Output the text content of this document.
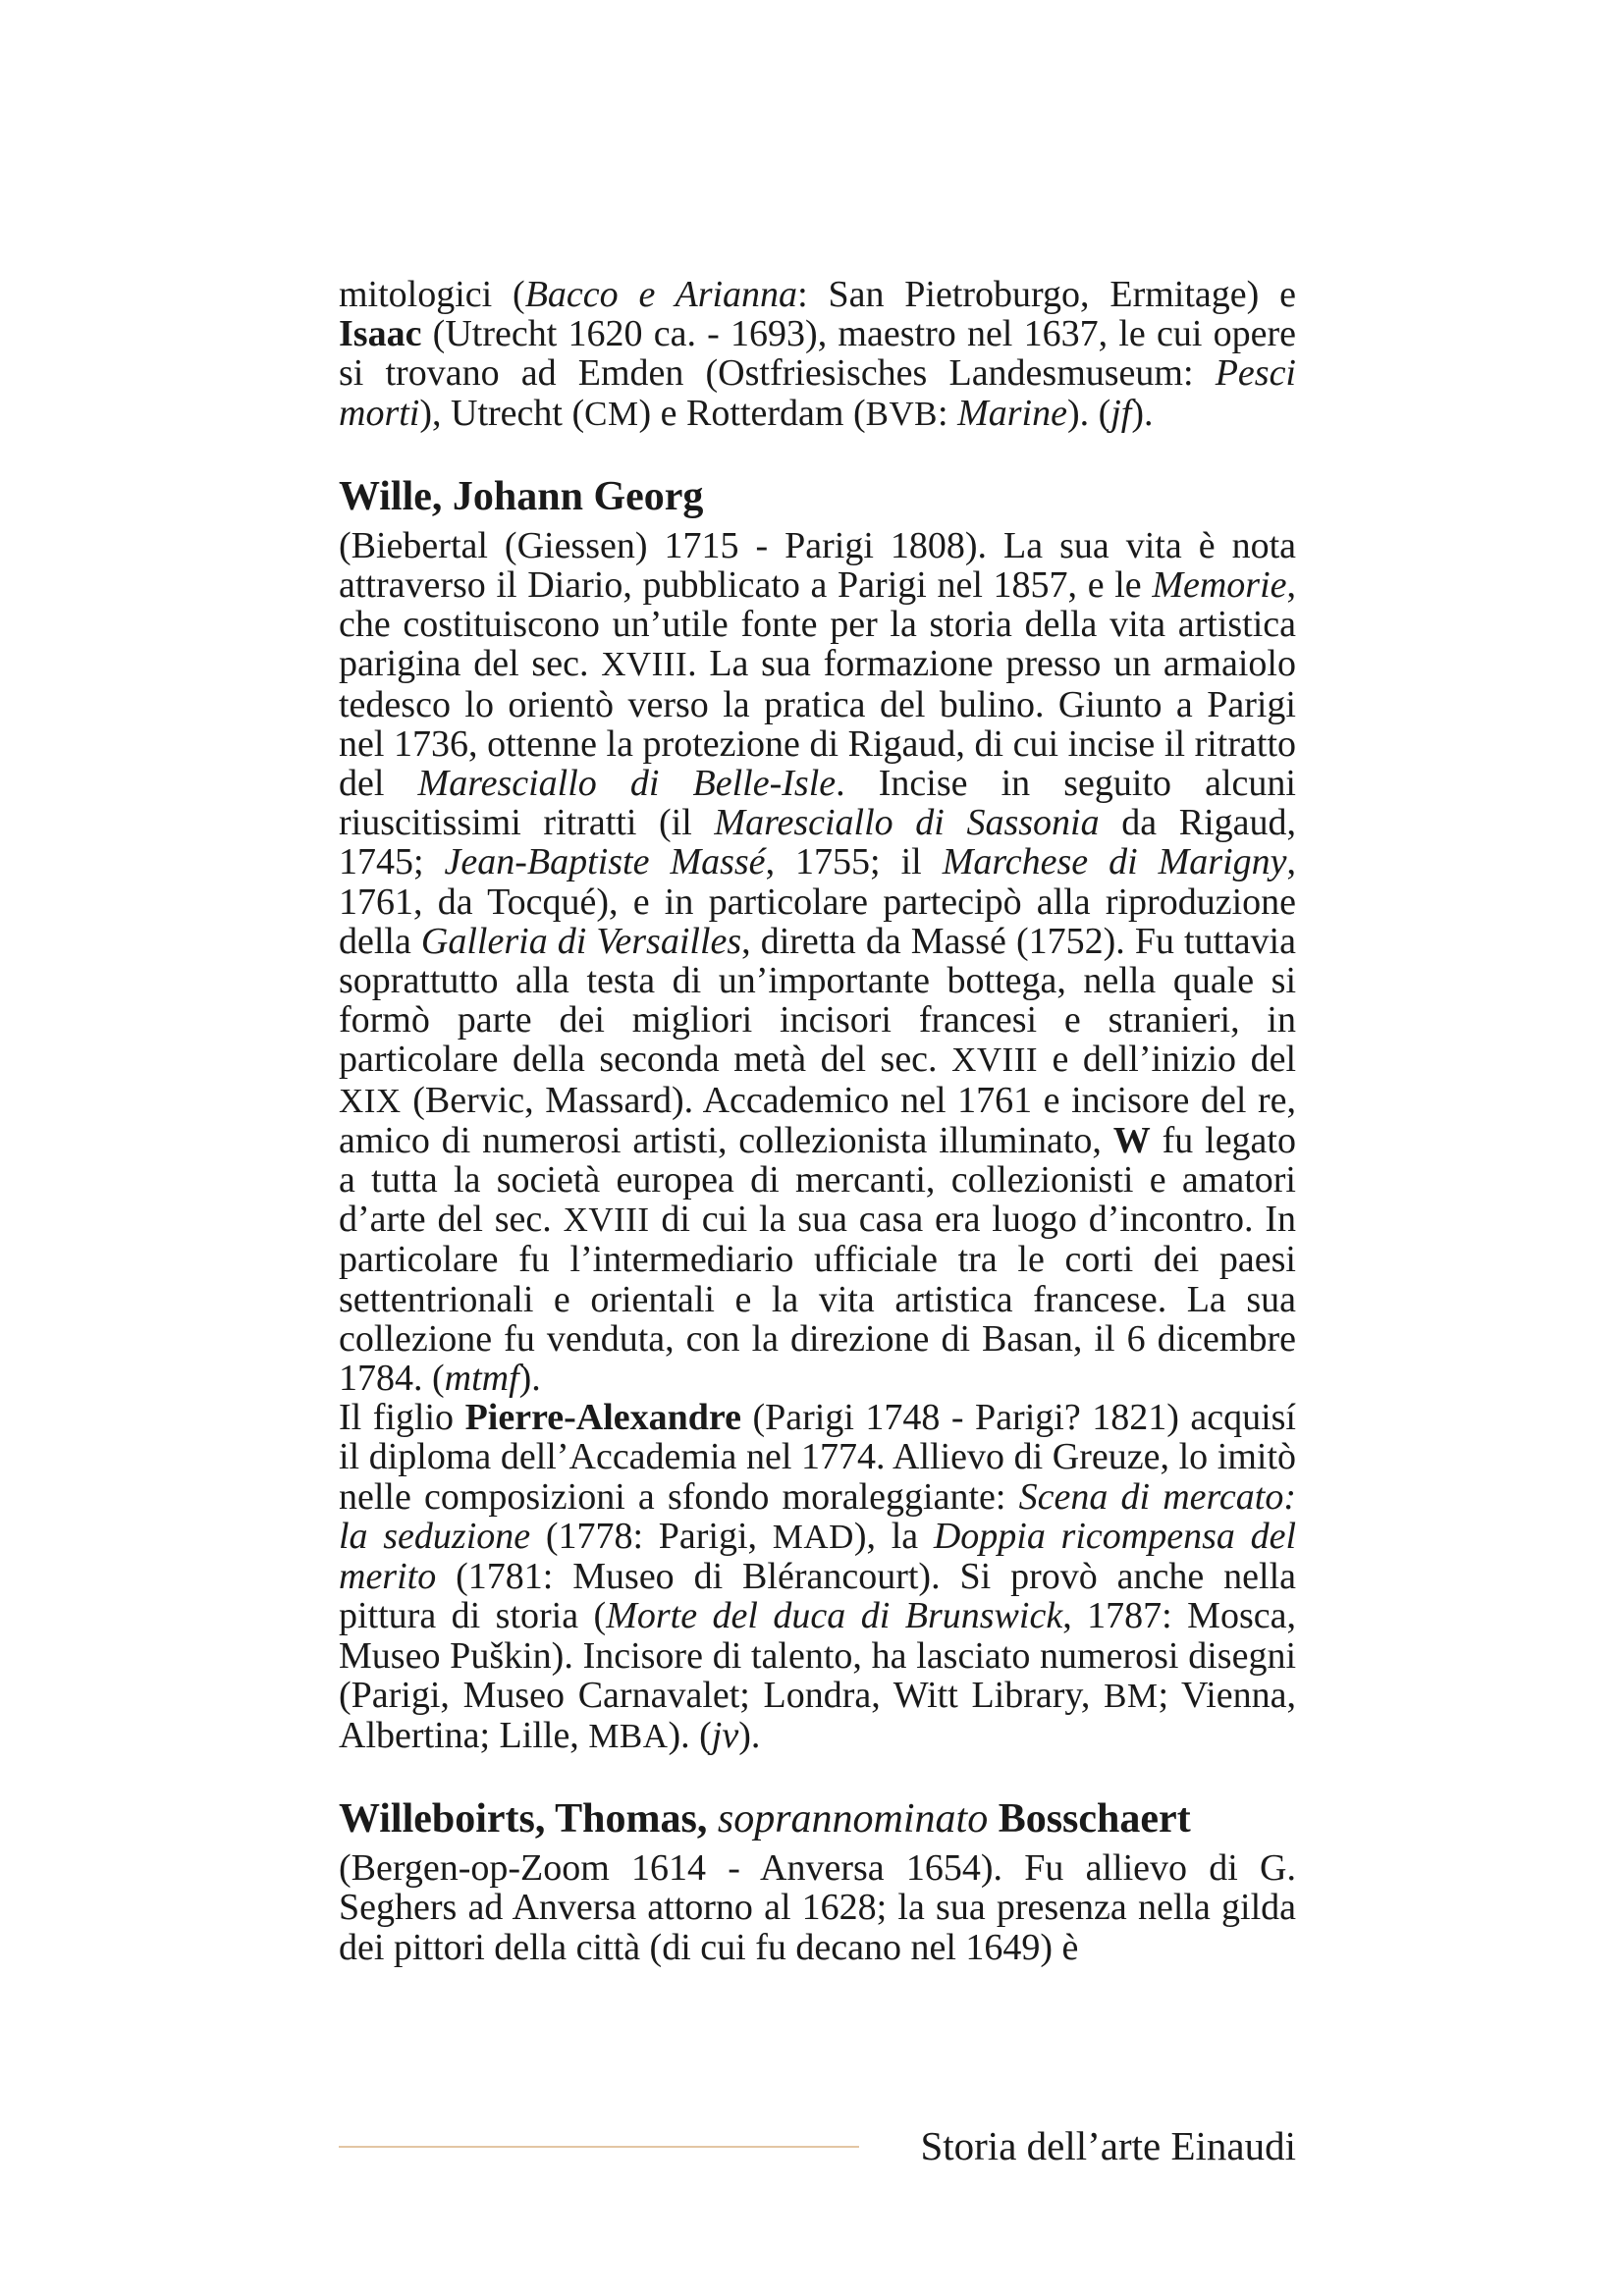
mitologici (Bacco e Arianna: San Pietroburgo, Ermitage) e Isaac (Utrecht 1620 ca. - 1693), maestro nel 1637, le cui opere si trovano ad Emden (Ostfriesisches Landesmuseum: Pesci morti), Utrecht (CM) e Rotterdam (BVB: Marine). (jf).

Wille, Johann Georg

(Biebertal (Giessen) 1715 - Parigi 1808). La sua vita è nota attraverso il Diario, pubblicato a Parigi nel 1857, e le Memorie, che costituiscono un’utile fonte per la storia della vita artistica parigina del sec. XVIII. La sua formazione presso un armaiolo tedesco lo orientò verso la pratica del bulino. Giunto a Parigi nel 1736, ottenne la protezione di Rigaud, di cui incise il ritratto del Maresciallo di Belle-Isle. Incise in seguito alcuni riuscitissimi ritratti (il Maresciallo di Sassonia da Rigaud, 1745; Jean-Baptiste Massé, 1755; il Marchese di Marigny, 1761, da Tocqué), e in particolare partecipò alla riproduzione della Galleria di Versailles, diretta da Massé (1752). Fu tuttavia soprattutto alla testa di un’importante bottega, nella quale si formò parte dei migliori incisori francesi e stranieri, in particolare della seconda metà del sec. XVIII e dell’inizio del XIX (Bervic, Massard). Accademico nel 1761 e incisore del re, amico di numerosi artisti, collezionista illuminato, W fu legato a tutta la società europea di mercanti, collezionisti e amatori d’arte del sec. XVIII di cui la sua casa era luogo d’incontro. In particolare fu l’intermediario ufficiale tra le corti dei paesi settentrionali e orientali e la vita artistica francese. La sua collezione fu venduta, con la direzione di Basan, il 6 dicembre 1784. (mtmf).

Il figlio Pierre-Alexandre (Parigi 1748 - Parigi? 1821) acquisí il diploma dell’Accademia nel 1774. Allievo di Greuze, lo imitò nelle composizioni a sfondo moraleggiante: Scena di mercato: la seduzione (1778: Parigi, MAD), la Doppia ricompensa del merito (1781: Museo di Blérancourt). Si provò anche nella pittura di storia (Morte del duca di Brunswick, 1787: Mosca, Museo Puškin). Incisore di talento, ha lasciato numerosi disegni (Parigi, Museo Carnavalet; Londra, Witt Library, BM; Vienna, Albertina; Lille, MBA). (jv).

Willeboirts, Thomas, soprannominato Bosschaert

(Bergen-op-Zoom 1614 - Anversa 1654). Fu allievo di G. Seghers ad Anversa attorno al 1628; la sua presenza nella gilda dei pittori della città (di cui fu decano nel 1649) è

Storia dell’arte Einaudi
